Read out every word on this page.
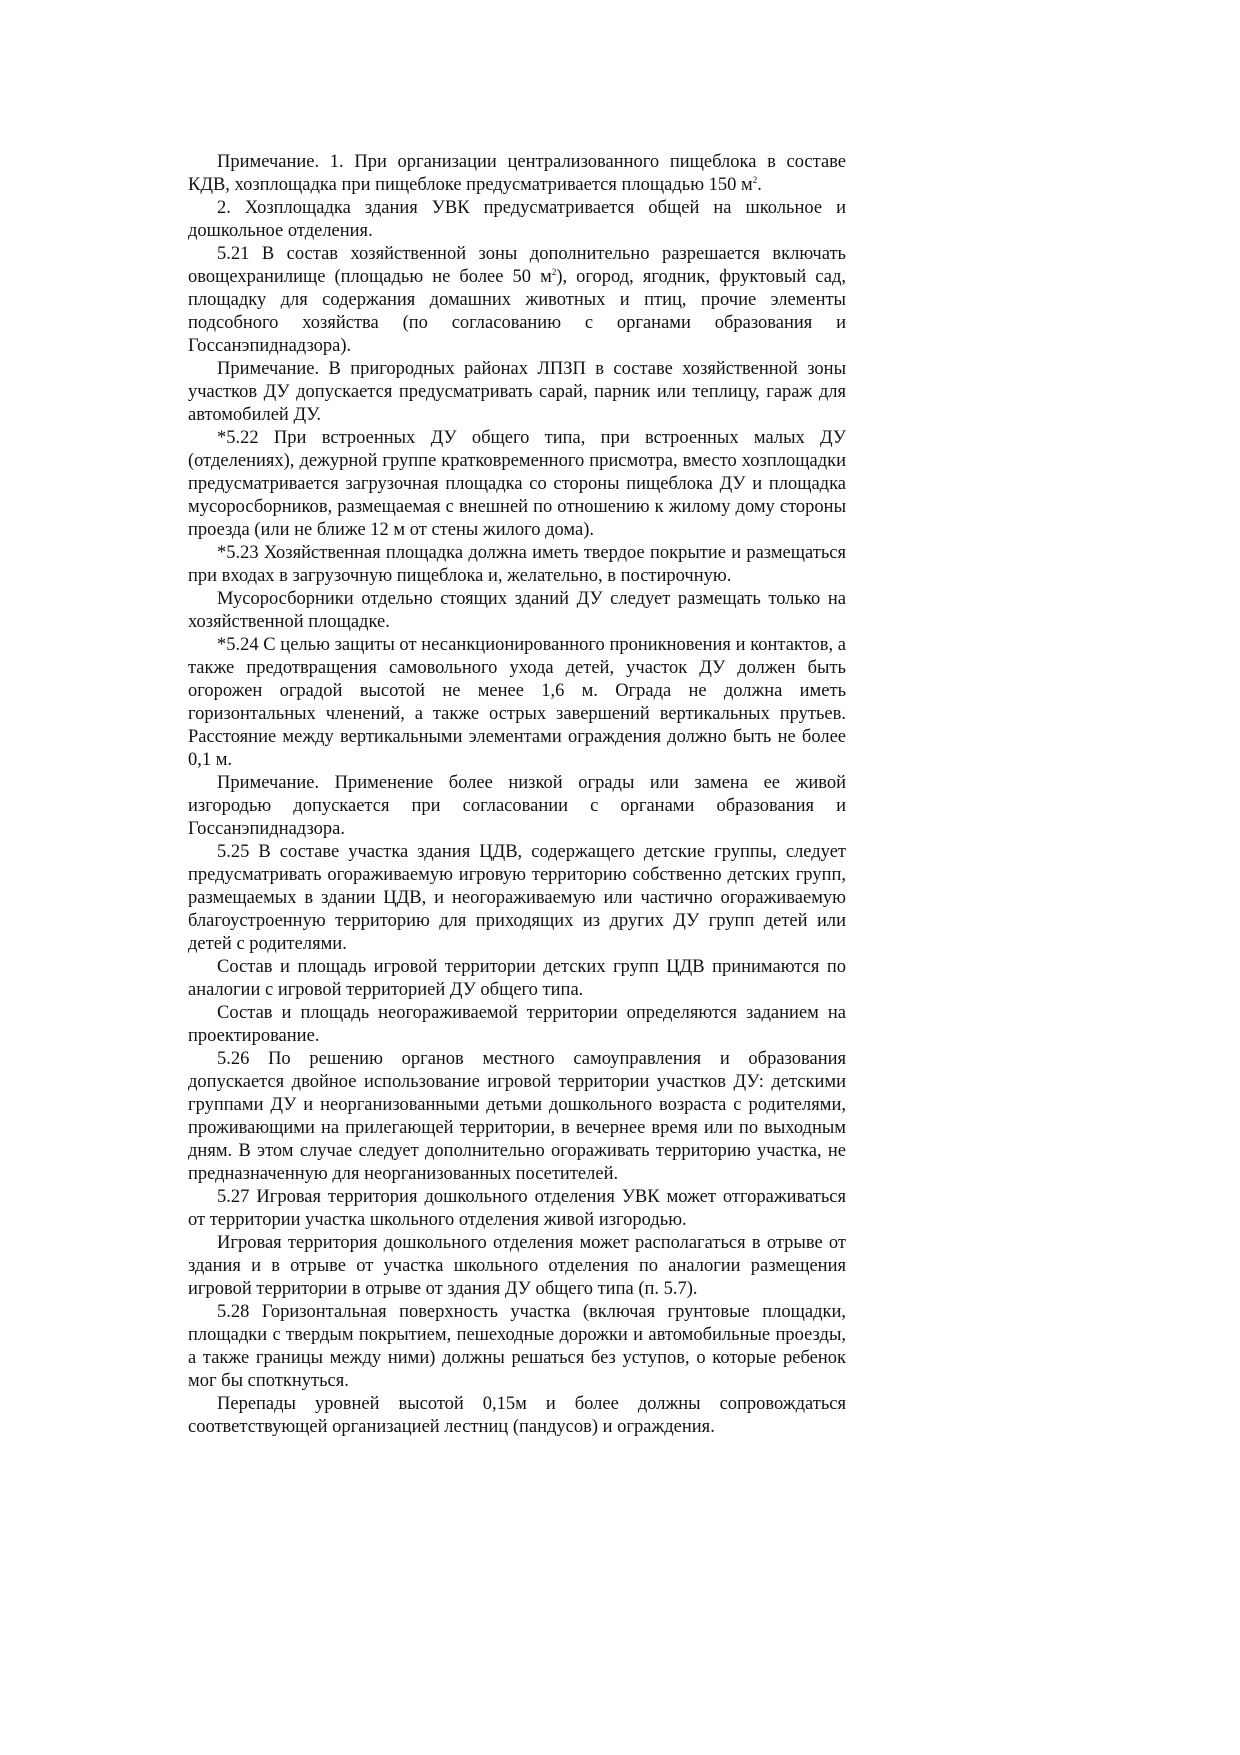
Примечание. 1. При организации централизованного пищеблока в составе КДВ, хозплощадка при пищеблоке предусматривается площадью 150 $м^2$.

2. Хозплощадка здания УВК предусматривается общей на школьное и дошкольное отделения.

5.21 В состав хозяйственной зоны дополнительно разрешается включать овощехранилище (площадью не более 50 $м^2$), огород, ягодник, фруктовый сад, площадку для содержания домашних животных и птиц, прочие элементы подсобного хозяйства (по согласованию с органами образования и Госсанэпиднадзора).

Примечание. В пригородных районах ЛПЗП в составе хозяйственной зоны участков ДУ допускается предусматривать сарай, парник или теплицу, гараж для автомобилей ДУ.

*5.22 При встроенных ДУ общего типа, при встроенных малых ДУ (отделениях), дежурной группе кратковременного присмотра, вместо хозплощадки предусматривается загрузочная площадка со стороны пищеблока ДУ и площадка мусоросборников, размещаемая с внешней по отношению к жилому дому стороны проезда (или не ближе 12 м от стены жилого дома).

*5.23 Хозяйственная площадка должна иметь твердое покрытие и размещаться при входах в загрузочную пищеблока и, желательно, в постирочную.

Мусоросборники отдельно стоящих зданий ДУ следует размещать только на хозяйственной площадке.

*5.24 С целью защиты от несанкционированного проникновения и контактов, а также предотвращения самовольного ухода детей, участок ДУ должен быть огорожен оградой высотой не менее 1,6 м. Ограда не должна иметь горизонтальных членений, а также острых завершений вертикальных прутьев. Расстояние между вертикальными элементами ограждения должно быть не более 0,1 м.

Примечание. Применение более низкой ограды или замена ее живой изгородью допускается при согласовании с органами образования и Госсанэпиднадзора.

5.25 В составе участка здания ЦДВ, содержащего детские группы, следует предусматривать огораживаемую игровую территорию собственно детских групп, размещаемых в здании ЦДВ, и неогораживаемую или частично огораживаемую благоустроенную территорию для приходящих из других ДУ групп детей или детей с родителями.

Состав и площадь игровой территории детских групп ЦДВ принимаются по аналогии с игровой территорией ДУ общего типа.

Состав и площадь неогораживаемой территории определяются заданием на проектирование.

5.26 По решению органов местного самоуправления и образования допускается двойное использование игровой территории участков ДУ: детскими группами ДУ и неорганизованными детьми дошкольного возраста с родителями, проживающими на прилегающей территории, в вечернее время или по выходным дням. В этом случае следует дополнительно огораживать территорию участка, не предназначенную для неорганизованных посетителей.

5.27 Игровая территория дошкольного отделения УВК может отгораживаться от территории участка школьного отделения живой изгородью.

Игровая территория дошкольного отделения может располагаться в отрыве от здания и в отрыве от участка школьного отделения по аналогии размещения игровой территории в отрыве от здания ДУ общего типа (п. 5.7).

5.28 Горизонтальная поверхность участка (включая грунтовые площадки, площадки с твердым покрытием, пешеходные дорожки и автомобильные проезды, а также границы между ними) должны решаться без уступов, о которые ребенок мог бы споткнуться.

Перепады уровней высотой 0,15м и более должны сопровождаться соответствующей организацией лестниц (пандусов) и ограждения.
